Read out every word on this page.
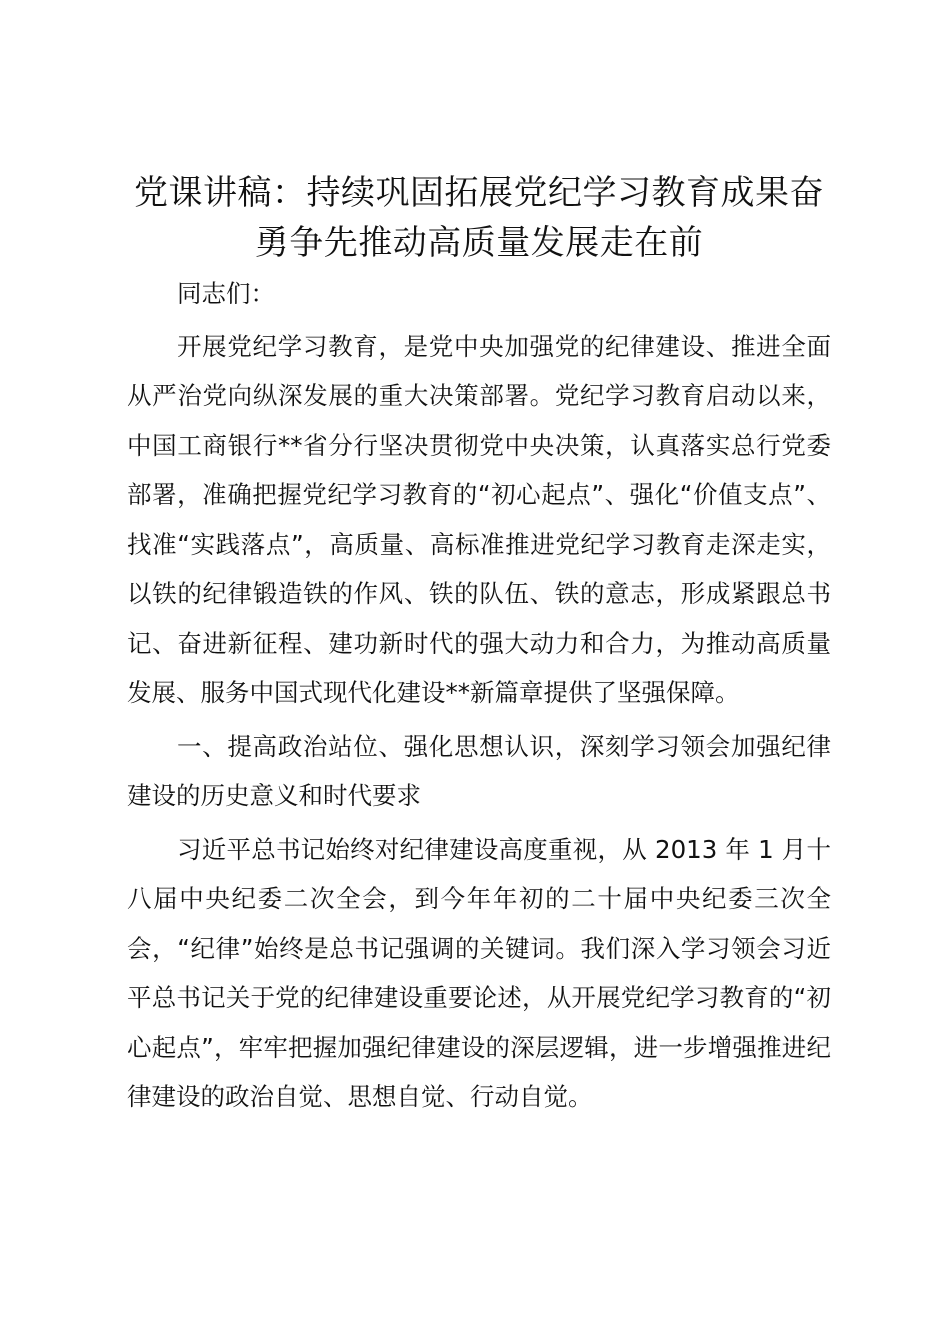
党课讲稿：持续巩固拓展党纪学习教育成果奋
勇争先推动高质量发展走在前

同志们：

开展党纪学习教育，是党中央加强党的纪律建设、推进全面从严治党向纵深发展的重大决策部署。党纪学习教育启动以来，中国工商银行**省分行坚决贯彻党中央决策，认真落实总行党委部署，准确把握党纪学习教育的“初心起点”、强化“价值支点”、找准“实践落点”，高质量、高标准推进党纪学习教育走深走实，以铁的纪律锻造铁的作风、铁的队伍、铁的意志，形成紧跟总书记、奋进新征程、建功新时代的强大动力和合力，为推动高质量发展、服务中国式现代化建设**新篇章提供了坚强保障。

一、提高政治站位、强化思想认识，深刻学习领会加强纪律建设的历史意义和时代要求

习近平总书记始终对纪律建设高度重视，从 2013 年 1 月十八届中央纪委二次全会，到今年年初的二十届中央纪委三次全会，“纪律”始终是总书记强调的关键词。我们深入学习领会习近平总书记关于党的纪律建设重要论述，从开展党纪学习教育的“初心起点”，牢牢把握加强纪律建设的深层逻辑，进一步增强推进纪律建设的政治自觉、思想自觉、行动自觉。
